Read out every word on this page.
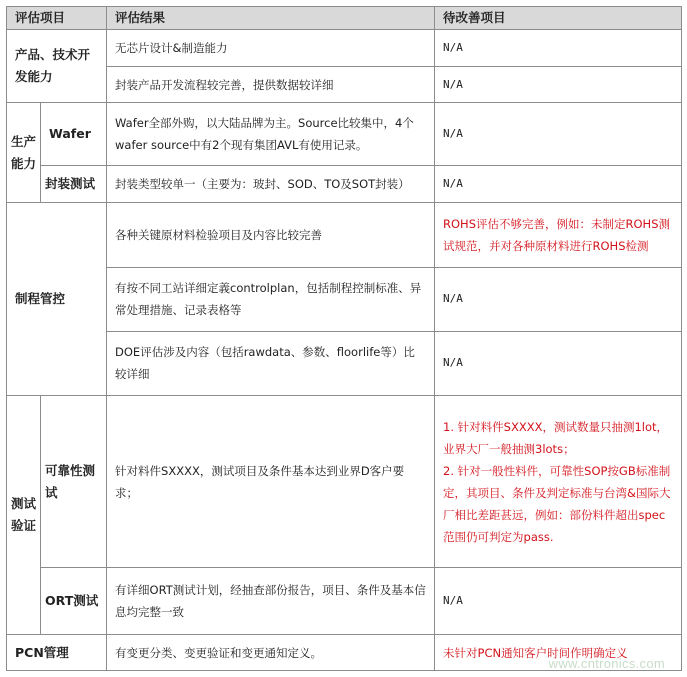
评估项目		评估结果	待改善项目
产品、技术开发能力		无芯片设计&制造能力	N/A
		封装产品开发流程较完善，提供数据较详细	N/A
生产能力	Wafer	Wafer全部外购，以大陆品牌为主。Source比较集中，4个wafer source中有2个现有集团AVL有使用记录。	N/A
	封装测试	封装类型较单一（主要为：玻封、SOD、TO及SOT封装）	N/A
制程管控		各种关键原材料检验项目及内容比较完善	ROHS评估不够完善，例如：未制定ROHS测试规范，并对各种原材料进行ROHS检测
		有按不同工站详细定義controlplan，包括制程控制标准、异常处理措施、记录表格等	N/A
		DOE评估涉及内容（包括rawdata、参数、floorlife等）比较详细	N/A
测试验证	可靠性测试	针对料件SXXXX，测试项目及条件基本达到业界D客户要求；	1. 针对料件SXXXX，测试数量只抽测1lot，业界大厂一般抽测3lots；
2. 针对一般性料件，可靠性SOP按GB标准制定，其项目、条件及判定标准与台湾&国际大厂相比差距甚远，例如：部份料件超出spec范围仍可判定为pass.

	ORT测试	有详细ORT测试计划，经抽查部份报告，项目、条件及基本信息均完整一致	N/A
PCN管理		有变更分类、变更验证和变更通知定义。	未针对PCN通知客户时间作明确定义
www.cntronics.com
